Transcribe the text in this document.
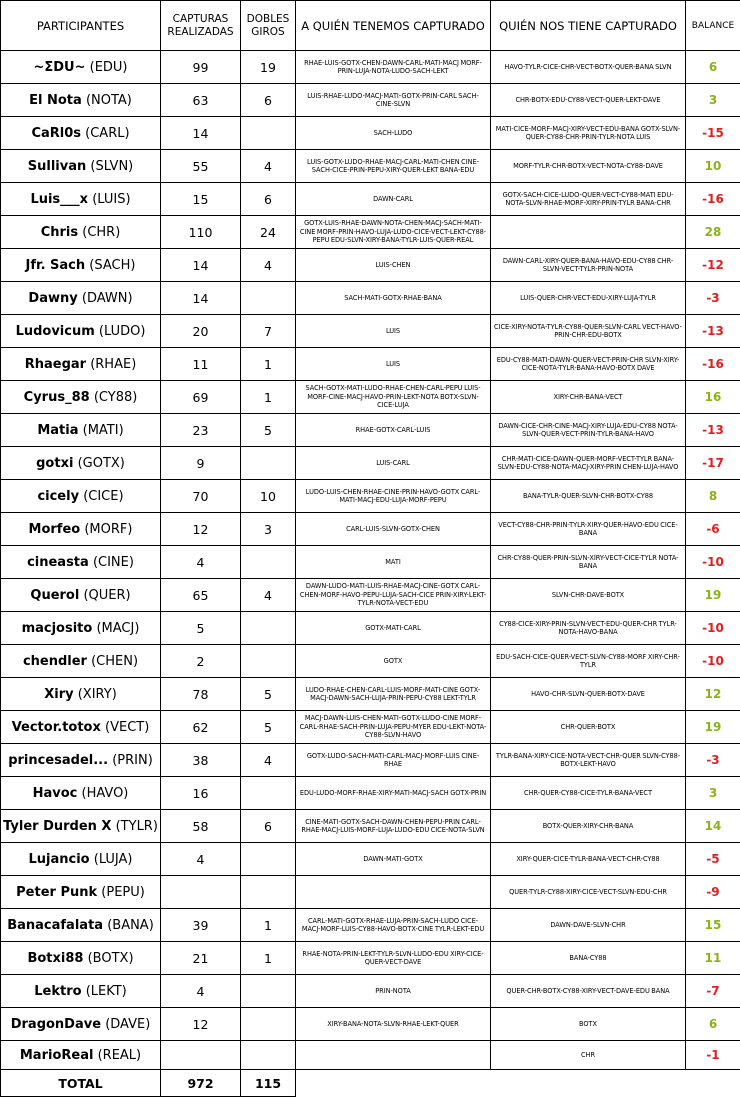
PARTICIPANTES	CAPTURAS REALIZADAS	DOBLES GIROS	A QUIÉN TENEMOS CAPTURADO	QUIÉN NOS TIENE CAPTURADO	BALANCE
~ΣDU~ (EDU)	99	19	RHAE-LUIS-GOTX-CHEN-DAWN-CARL-MATI-MACJ MORF-PRIN-LUJA-NOTA-LUDO-SACH-LEKT	HAVO-TYLR-CICE-CHR-VECT-BOTX-QUER-BANA SLVN	6
El Nota (NOTA)	63	6	LUIS-RHAE-LUDO-MACJ-MATI-GOTX-PRIN-CARL SACH-CINE-SLVN	CHR-BOTX-EDU-CY88-VECT-QUER-LEKT-DAVE	3
CaRl0s (CARL)	14		SACH-LUDO	MATI-CICE-MORF-MACJ-XIRY-VECT-EDU-BANA GOTX-SLVN-QUER-CY88-CHR-PRIN-TYLR-NOTA LUIS	-15
Sullivan (SLVN)	55	4	LUIS-GOTX-LUDO-RHAE-MACJ-CARL-MATI-CHEN CINE-SACH-CICE-PRIN-PEPU-XIRY-QUER-LEKT BANA-EDU	MORF-TYLR-CHR-BOTX-VECT-NOTA-CY88-DAVE	10
Luis___x (LUIS)	15	6	DAWN-CARL	GOTX-SACH-CICE-LUDO-QUER-VECT-CY88-MATI EDU-NOTA-SLVN-RHAE-MORF-XIRY-PRIN-TYLR BANA-CHR	-16
Chris (CHR)	110	24	GOTX-LUIS-RHAE-DAWN-NOTA-CHEN-MACJ-SACH-MATI-CINE MORF-PRIN-HAVO-LUJA-LUDO-CICE-VECT-LEKT-CY88-PEPU EDU-SLVN-XIRY-BANA-TYLR-LUIS-QUER-REAL		28
Jfr. Sach (SACH)	14	4	LUIS-CHEN	DAWN-CARL-XIRY-QUER-BANA-HAVO-EDU-CY88 CHR-SLVN-VECT-TYLR-PRIN-NOTA	-12
Dawny (DAWN)	14		SACH-MATI-GOTX-RHAE-BANA	LUIS-QUER-CHR-VECT-EDU-XIRY-LUJA-TYLR	-3
Ludovicum (LUDO)	20	7	LUIS	CICE-XIRY-NOTA-TYLR-CY88-QUER-SLVN-CARL VECT-HAVO-PRIN-CHR-EDU-BOTX	-13
Rhaegar (RHAE)	11	1	LUIS	EDU-CY88-MATI-DAWN-QUER-VECT-PRIN-CHR SLVN-XIRY-CICE-NOTA-TYLR-BANA-HAVO-BOTX DAVE	-16
Cyrus_88 (CY88)	69	1	SACH-GOTX-MATI-LUDO-RHAE-CHEN-CARL-PEPU LUIS-MORF-CINE-MACJ-HAVO-PRIN-LEKT-NOTA BOTX-SLVN-CICE-LUJA	XIRY-CHR-BANA-VECT	16
Matia (MATI)	23	5	RHAE-GOTX-CARL-LUIS	DAWN-CICE-CHR-CINE-MACJ-XIRY-LUJA-EDU-CY88 NOTA-SLVN-QUER-VECT-PRIN-TYLR-BANA-HAVO	-13
gotxi (GOTX)	9		LUIS-CARL	CHR-MATI-CICE-DAWN-QUER-MORF-VECT-TYLR BANA-SLVN-EDU-CY88-NOTA-MACJ-XIRY-PRIN CHEN-LUJA-HAVO	-17
cicely (CICE)	70	10	LUDO-LUIS-CHEN-RHAE-CINE-PRIN-HAVO-GOTX CARL-MATI-MACJ-EDU-LUJA-MORF-PEPU	BANA-TYLR-QUER-SLVN-CHR-BOTX-CY88	8
Morfeo (MORF)	12	3	CARL-LUIS-SLVN-GOTX-CHEN	VECT-CY88-CHR-PRIN-TYLR-XIRY-QUER-HAVO-EDU CICE-BANA	-6
cineasta (CINE)	4		MATI	CHR-CY88-QUER-PRIN-SLVN-XIRY-VECT-CICE-TYLR NOTA-BANA	-10
Querol (QUER)	65	4	DAWN-LUDO-MATI-LUIS-RHAE-MACJ-CINE-GOTX CARL-CHEN-MORF-HAVO-PEPU-LUJA-SACH-CICE PRIN-XIRY-LEKT-TYLR-NOTA-VECT-EDU	SLVN-CHR-DAVE-BOTX	19
macjosito (MACJ)	5		GOTX-MATI-CARL	CY88-CICE-XIRY-PRIN-SLVN-VECT-EDU-QUER-CHR TYLR-NOTA-HAVO-BANA	-10
chendler (CHEN)	2		GOTX	EDU-SACH-CICE-QUER-VECT-SLVN-CY88-MORF XIRY-CHR-TYLR	-10
Xiry (XIRY)	78	5	LUDO-RHAE-CHEN-CARL-LUIS-MORF-MATI-CINE GOTX-MACJ-DAWN-SACH-LUJA-PRIN-PEPU-CY88 LEKT-TYLR	HAVO-CHR-SLVN-QUER-BOTX-DAVE	12
Vector.totox (VECT)	62	5	MACJ-DAWN-LUIS-CHEN-MATI-GOTX-LUDO-CINE MORF-CARL-RHAE-SACH-PRIN-LUJA-PEPU-MYER EDU-LEKT-NOTA-CY88-SLVN-HAVO	CHR-QUER-BOTX	19
princesadel... (PRIN)	38	4	GOTX-LUDO-SACH-MATI-CARL-MACJ-MORF-LUIS CINE-RHAE	TYLR-BANA-XIRY-CICE-NOTA-VECT-CHR-QUER SLVN-CY88-BOTX-LEKT-HAVO	-3
Havoc (HAVO)	16		EDU-LUDO-MORF-RHAE-XIRY-MATI-MACJ-SACH GOTX-PRIN	CHR-QUER-CY88-CICE-TYLR-BANA-VECT	3
Tyler Durden X (TYLR)	58	6	CINE-MATI-GOTX-SACH-DAWN-CHEN-PEPU-PRIN CARL-RHAE-MACJ-LUIS-MORF-LUJA-LUDO-EDU CICE-NOTA-SLVN	BOTX-QUER-XIRY-CHR-BANA	14
Lujancio (LUJA)	4		DAWN-MATI-GOTX	XIRY-QUER-CICE-TYLR-BANA-VECT-CHR-CY88	-5
Peter Punk (PEPU)				QUER-TYLR-CY88-XIRY-CICE-VECT-SLVN-EDU-CHR	-9
Banacafalata (BANA)	39	1	CARL-MATI-GOTX-RHAE-LUJA-PRIN-SACH-LUDO CICE-MACJ-MORF-LUIS-CY88-HAVO-BOTX-CINE TYLR-LEKT-EDU	DAWN-DAVE-SLVN-CHR	15
Botxi88 (BOTX)	21	1	RHAE-NOTA-PRIN-LEKT-TYLR-SLVN-LUDO-EDU XIRY-CICE-QUER-VECT-DAVE	BANA-CY88	11
Lektro (LEKT)	4		PRIN-NOTA	QUER-CHR-BOTX-CY88-XIRY-VECT-DAVE-EDU BANA	-7
DragonDave (DAVE)	12		XIRY-BANA-NOTA-SLVN-RHAE-LEKT-QUER	BOTX	6
MarioReal (REAL)				CHR	-1
TOTAL	972	115			
